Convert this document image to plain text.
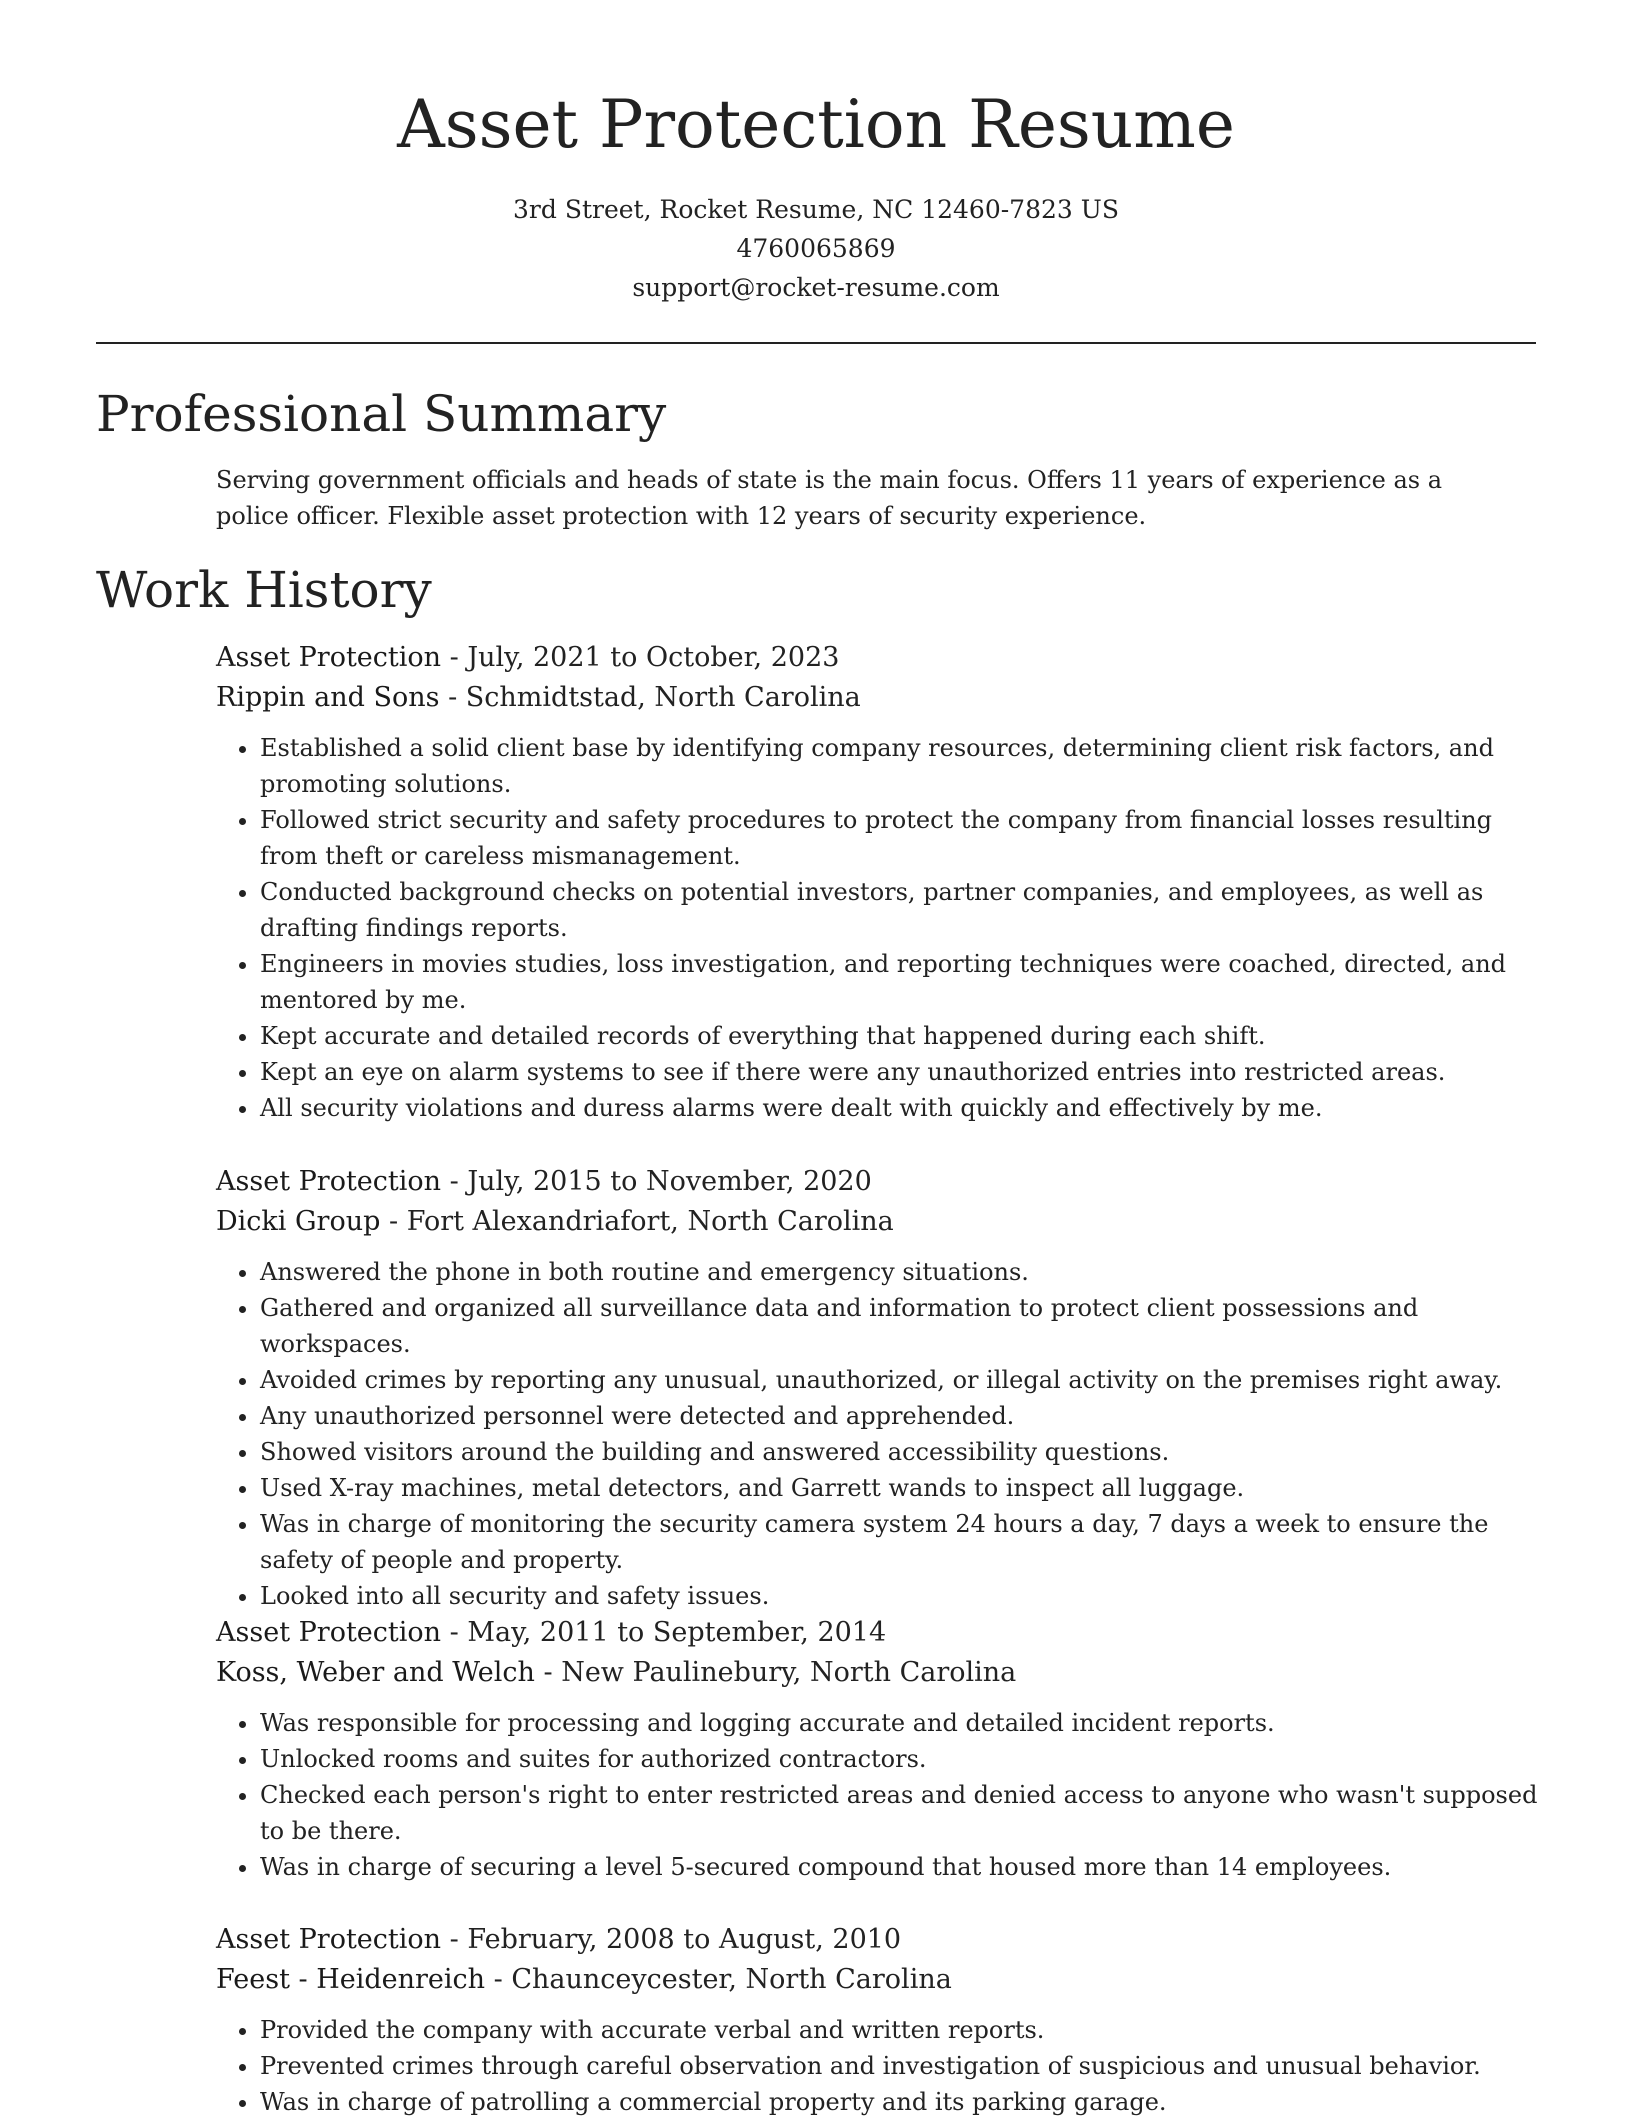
Asset Protection Resume
3rd Street, Rocket Resume, NC 12460-7823 US
4760065869
support@rocket-resume.com
Professional Summary

Serving government officials and heads of state is the main focus. Offers 11 years of experience as a police officer. Flexible asset protection with 12 years of security experience.

Work History
Asset Protection - July, 2021 to October, 2023
Rippin and Sons - Schmidtstad, North Carolina
• Established a solid client base by identifying company resources, determining client risk factors, and promoting solutions.
• Followed strict security and safety procedures to protect the company from financial losses resulting from theft or careless mismanagement.
• Conducted background checks on potential investors, partner companies, and employees, as well as drafting findings reports.
• Engineers in movies studies, loss investigation, and reporting techniques were coached, directed, and mentored by me.
• Kept accurate and detailed records of everything that happened during each shift.
• Kept an eye on alarm systems to see if there were any unauthorized entries into restricted areas.
• All security violations and duress alarms were dealt with quickly and effectively by me.
Asset Protection - July, 2015 to November, 2020
Dicki Group - Fort Alexandriafort, North Carolina
• Answered the phone in both routine and emergency situations.
• Gathered and organized all surveillance data and information to protect client possessions and workspaces.
• Avoided crimes by reporting any unusual, unauthorized, or illegal activity on the premises right away.
• Any unauthorized personnel were detected and apprehended.
• Showed visitors around the building and answered accessibility questions.
• Used X-ray machines, metal detectors, and Garrett wands to inspect all luggage.
• Was in charge of monitoring the security camera system 24 hours a day, 7 days a week to ensure the safety of people and property.
• Looked into all security and safety issues.
Asset Protection - May, 2011 to September, 2014
Koss, Weber and Welch - New Paulinebury, North Carolina
• Was responsible for processing and logging accurate and detailed incident reports.
• Unlocked rooms and suites for authorized contractors.
• Checked each person's right to enter restricted areas and denied access to anyone who wasn't supposed to be there.
• Was in charge of securing a level 5-secured compound that housed more than 14 employees.
Asset Protection - February, 2008 to August, 2010
Feest - Heidenreich - Chaunceycester, North Carolina
• Provided the company with accurate verbal and written reports.
• Prevented crimes through careful observation and investigation of suspicious and unusual behavior.
• Was in charge of patrolling a commercial property and its parking garage.
